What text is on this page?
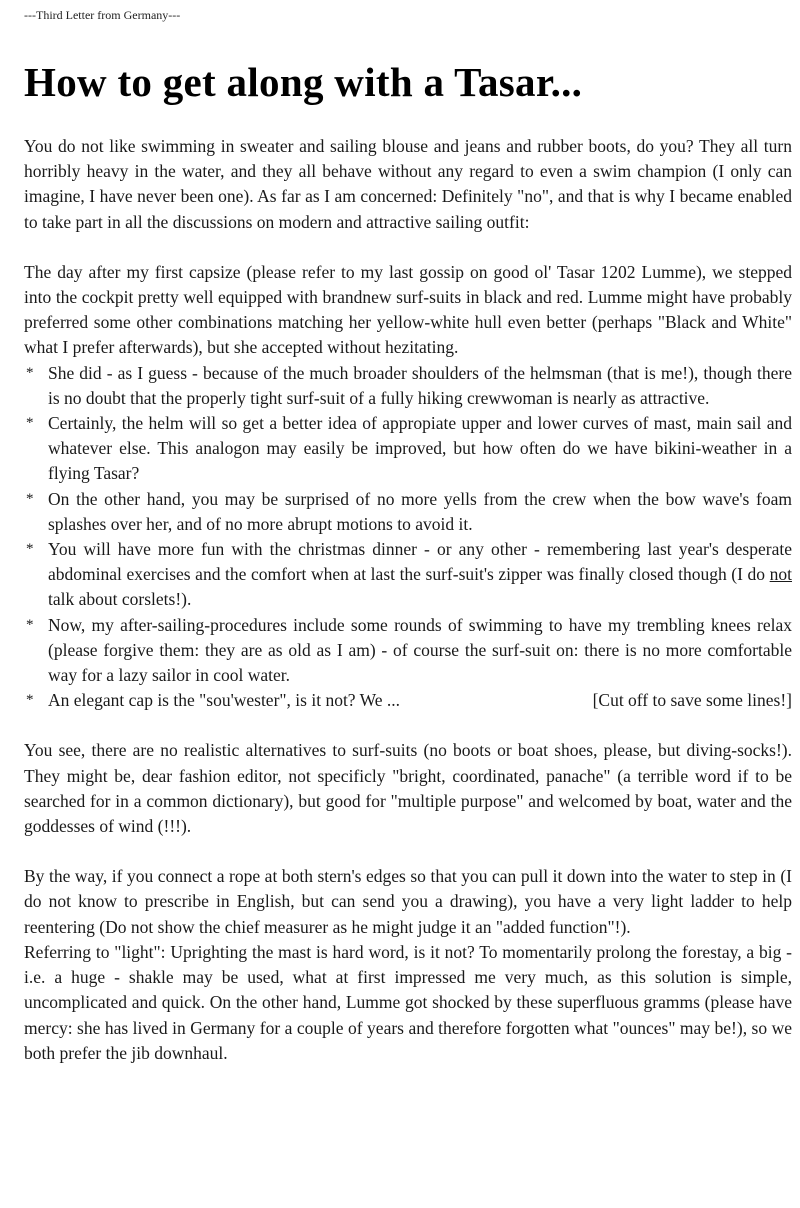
---Third Letter from Germany---
How to get along with a Tasar...

You do not like swimming in sweater and sailing blouse and jeans and rubber boots, do you? They all turn horribly heavy in the water, and they all behave without any regard to even a swim champion (I only can imagine, I have never been one). As far as I am concerned: Definitely "no", and that is why I became enabled to take part in all the discussions on modern and attractive sailing outfit:

The day after my first capsize (please refer to my last gossip on good ol' Tasar 1202 Lumme), we stepped into the cockpit pretty well equipped with brandnew surf-suits in black and red. Lumme might have probably preferred some other combinations matching her yellow-white hull even better (perhaps "Black and White" what I prefer afterwards), but she accepted without hezitating.

* She did - as I guess - because of the much broader shoulders of the helmsman (that is me!), though there is no doubt that the properly tight surf-suit of a fully hiking crewwoman is nearly as attractive.
* Certainly, the helm will so get a better idea of appropiate upper and lower curves of mast, main sail and whatever else. This analogon may easily be improved, but how often do we have bikini-weather in a flying Tasar?
* On the other hand, you may be surprised of no more yells from the crew when the bow wave's foam splashes over her, and of no more abrupt motions to avoid it.
* You will have more fun with the christmas dinner - or any other - remembering last year's desperate abdominal exercises and the comfort when at last the surf-suit's zipper was finally closed though (I do not talk about corslets!).
* Now, my after-sailing-procedures include some rounds of swimming to have my trembling knees relax (please forgive them: they are as old as I am) - of course the surf-suit on: there is no more comfortable way for a lazy sailor in cool water.
* An elegant cap is the "sou'wester", is it not? We ...	[Cut off to save some lines!]

You see, there are no realistic alternatives to surf-suits (no boots or boat shoes, please, but diving-socks!). They might be, dear fashion editor, not specificly "bright, coordinated, panache" (a terrible word if to be searched for in a common dictionary), but good for "multiple purpose" and welcomed by boat, water and the goddesses of wind (!!!).

By the way, if you connect a rope at both stern's edges so that you can pull it down into the water to step in (I do not know to prescribe in English, but can send you a drawing), you have a very light ladder to help reentering (Do not show the chief measurer as he might judge it an "added function"!).

Referring to "light": Uprighting the mast is hard word, is it not? To momentarily prolong the forestay, a big - i.e. a huge - shakle may be used, what at first impressed me very much, as this solution is simple, uncomplicated and quick. On the other hand, Lumme got shocked by these superfluous gramms (please have mercy: she has lived in Germany for a couple of years and therefore forgotten what "ounces" may be!), so we both prefer the jib downhaul.
